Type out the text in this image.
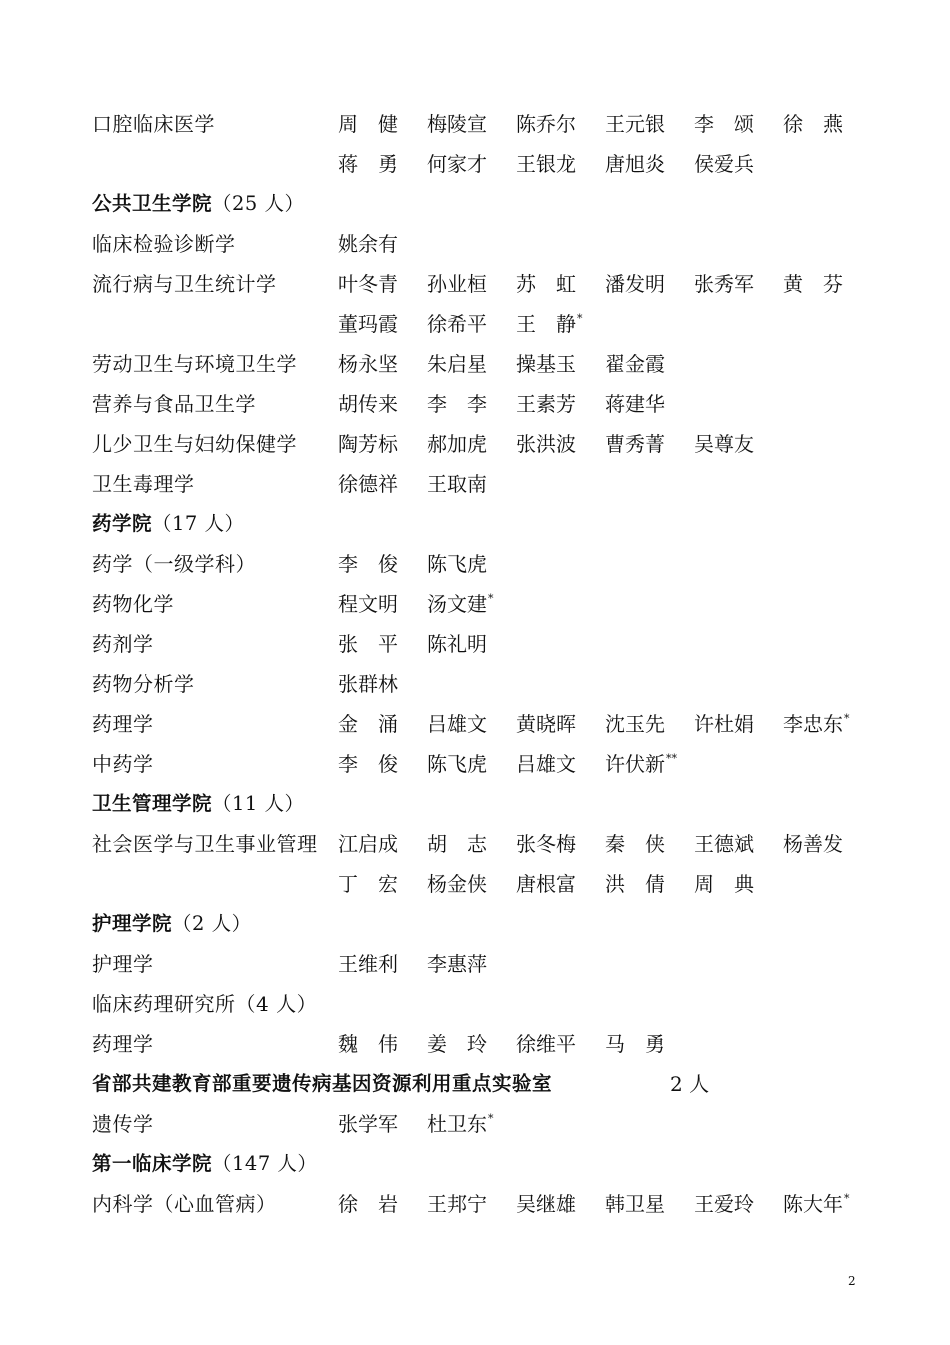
口腔临床医学	周　健	梅陵宣	陈乔尔	王元银	李　颂	徐　燕
蒋　勇	何家才	王银龙	唐旭炎	侯爱兵
公共卫生学院（25 人）
临床检验诊断学	姚余有
流行病与卫生统计学	叶冬青	孙业桓	苏　虹	潘发明	张秀军	黄　芬
董玛霞	徐希平	王　静*
劳动卫生与环境卫生学 杨永坚	朱启星	操基玉	翟金霞
营养与食品卫生学	胡传来	李　李	王素芳	蒋建华
儿少卫生与妇幼保健学 陶芳标	郝加虎	张洪波	曹秀菁	吴尊友
卫生毒理学	徐德祥	王取南
药学院（17 人）
药学（一级学科）	李　俊	陈飞虎
药物化学	程文明	汤文建*
药剂学	张　平	陈礼明
药物分析学	张群林
药理学	金　涌	吕雄文	黄晓晖	沈玉先	许杜娟	李忠东*
中药学	李　俊	陈飞虎	吕雄文	许伏新**
卫生管理学院（11 人）
社会医学与卫生事业管理 江启成	胡　志	张冬梅	秦　侠	王德斌	杨善发
丁　宏	杨金侠	唐根富	洪　倩	周　典
护理学院（2 人）
护理学	王维利	李惠萍
临床药理研究所（4 人）
药理学	魏　伟	姜　玲	徐维平	马　勇
省部共建教育部重要遗传病基因资源利用重点实验室	2 人
遗传学	张学军	杜卫东*
第一临床学院（147 人）
内科学（心血管病）	徐　岩	王邦宁	吴继雄	韩卫星	王爱玲	陈大年*
2
